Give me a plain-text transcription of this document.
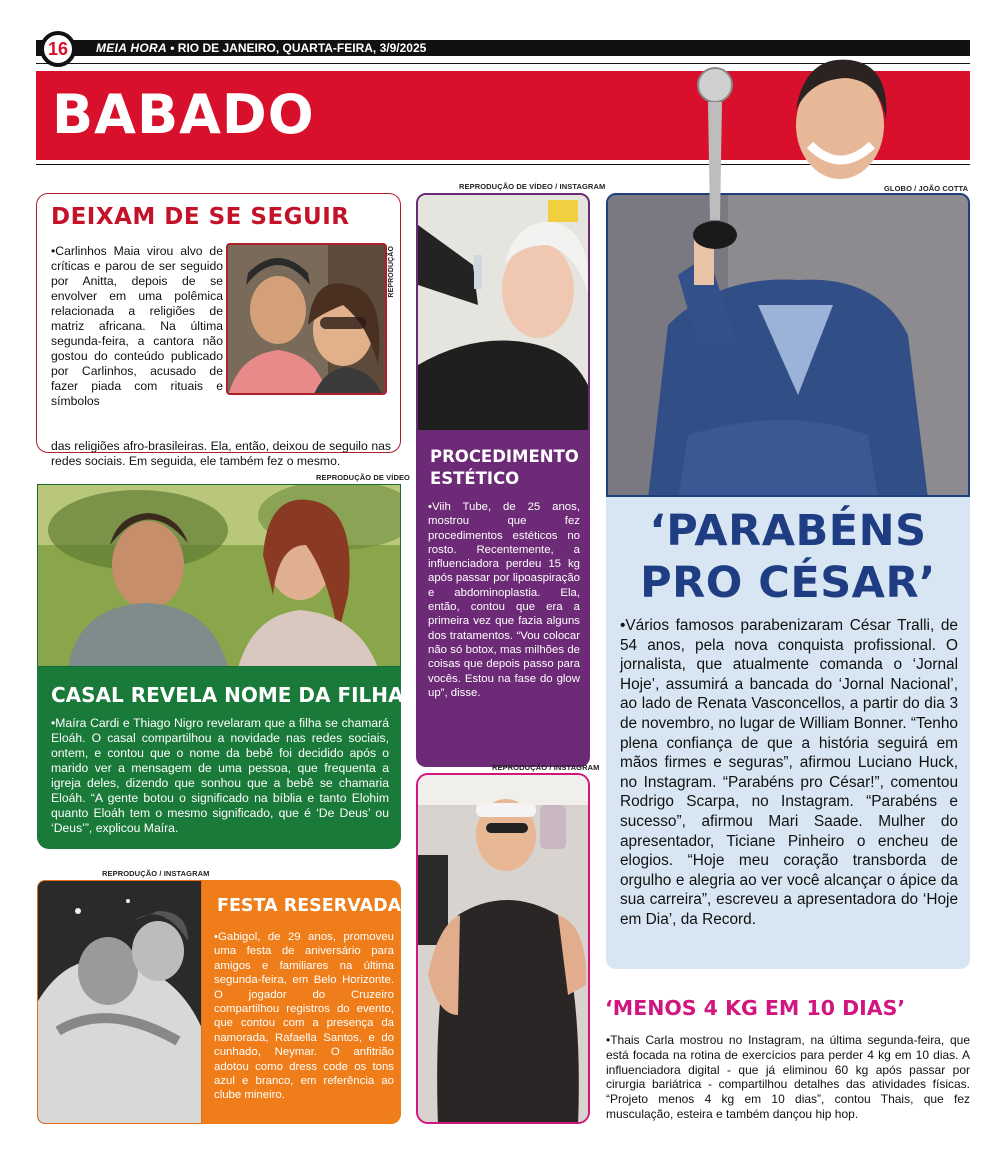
16	MEIA HORA • RIO DE JANEIRO, QUARTA-FEIRA, 3/9/2025
BABADO
DEIXAM DE SE SEGUIR

• Carlinhos Maia virou alvo de críticas e parou de ser seguido por Anitta, depois de se envolver em uma polêmica relacionada a religiões de matriz africana. Na última segunda-feira, a cantora não gostou do conteúdo publicado por Carlinhos, acusado de fazer piada com rituais e símbolos

das religiões afro-brasileiras. Ela, então, deixou de seguilo nas redes sociais. Em seguida, ele também fez o mesmo.

REPRODUÇÃO
REPRODUÇÃO DE VÍDEO
CASAL REVELA NOME DA FILHA

• Maíra Cardi e Thiago Nigro revelaram que a filha se chamará Eloáh. O casal compartilhou a novidade nas redes sociais, ontem, e contou que o nome da bebê foi decidido após o marido ver a mensagem de uma pessoa, que frequenta a igreja deles, dizendo que sonhou que a bebê se chamaria Eloáh. “A gente botou o significado na bíblia e tanto Elohim quanto Eloáh tem o mesmo significado, que é ‘De Deus’ ou ‘Deus’”, explicou Maíra.

REPRODUÇÃO / INSTAGRAM
FESTA RESERVADA

• Gabigol, de 29 anos, promoveu uma festa de aniversário para amigos e familiares na última segunda-feira, em Belo Horizonte. O jogador do Cruzeiro compartilhou registros do evento, que contou com a presença da namorada, Rafaella Santos, e do cunhado, Neymar. O anfitrião adotou como dress code os tons azul e branco, em referência ao clube mineiro.

REPRODUÇÃO DE VÍDEO / INSTAGRAM
PROCEDIMENTO
ESTÉTICO

• Viih Tube, de 25 anos, mostrou que fez procedimentos estéticos no rosto. Recentemente, a influenciadora perdeu 15 kg após passar por lipoaspiração e abdominoplastia. Ela, então, contou que era a primeira vez que fazia alguns dos tratamentos. “Vou colocar não só botox, mas milhões de coisas que depois passo para vocês. Estou na fase do glow up”, disse.

REPRODUÇÃO / INSTAGRAM
GLOBO / JOÃO COTTA
‘PARABÉNS
PRO CÉSAR’

• Vários famosos parabenizaram César Tralli, de 54 anos, pela nova conquista profissional. O jornalista, que atualmente comanda o ‘Jornal Hoje’, assumirá a bancada do ‘Jornal Nacional’, ao lado de Renata Vasconcellos, a partir do dia 3 de novembro, no lugar de William Bonner. “Tenho plena confiança de que a história seguirá em mãos firmes e seguras”, afirmou Luciano Huck, no Instagram. “Parabéns pro César!”, comentou Rodrigo Scarpa, no Instagram. “Parabéns e sucesso”, afirmou Mari Saade. Mulher do apresentador, Ticiane Pinheiro o encheu de elogios. “Hoje meu coração transborda de orgulho e alegria ao ver você alcançar o ápice da sua carreira”, escreveu a apresentadora do ‘Hoje em Dia’, da Record.

‘MENOS 4 KG EM 10 DIAS’

• Thais Carla mostrou no Instagram, na última segunda-feira, que está focada na rotina de exercícios para perder 4 kg em 10 dias. A influenciadora digital - que já eliminou 60 kg após passar por cirurgia bariátrica - compartilhou detalhes das atividades físicas. “Projeto menos 4 kg em 10 dias”, contou Thais, que fez musculação, esteira e também dançou hip hop.
